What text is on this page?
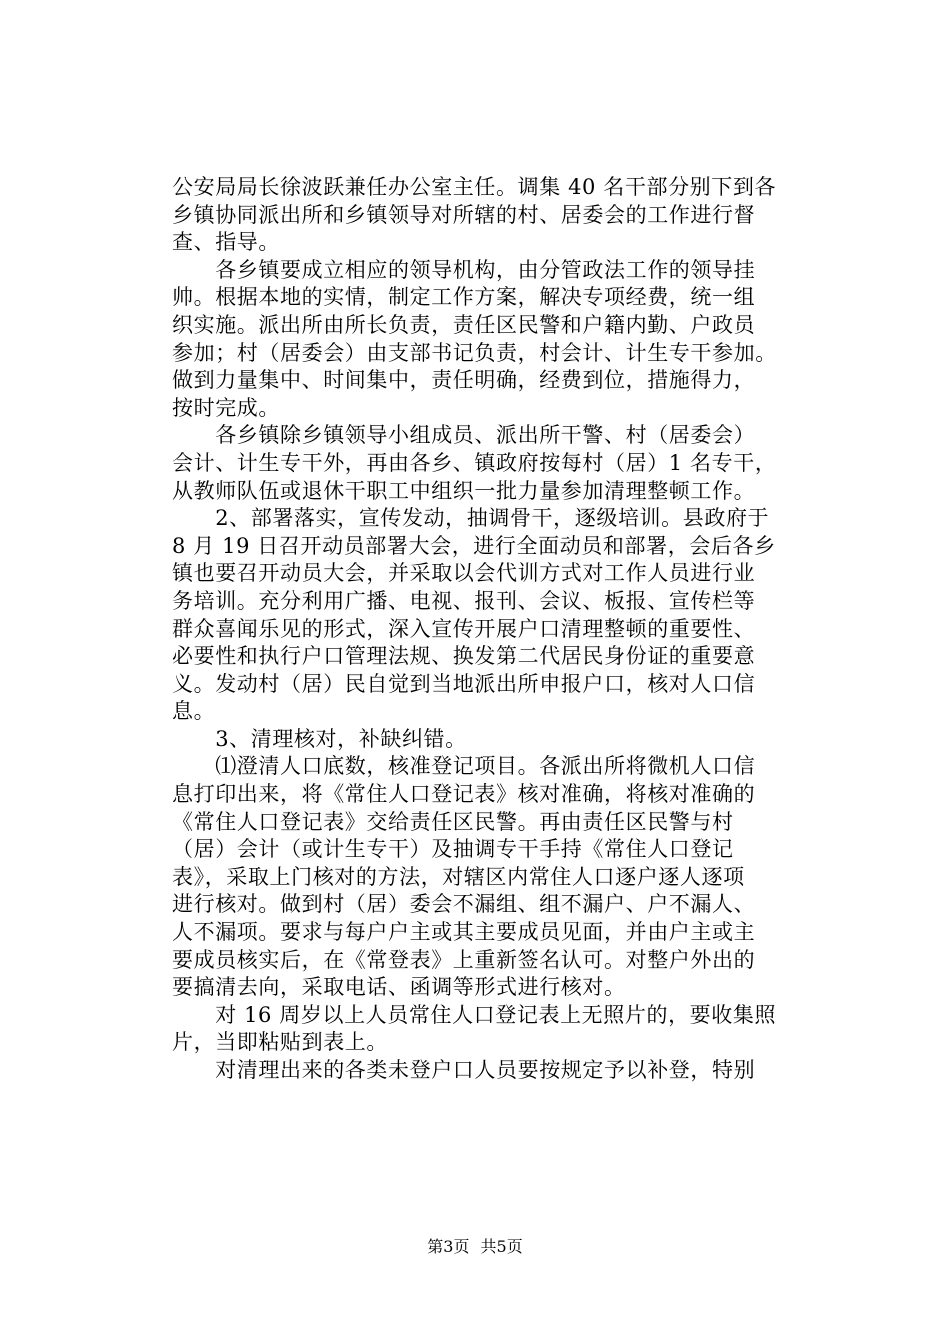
公安局局长徐波跃兼任办公室主任。调集 40 名干部分别下到各
乡镇协同派出所和乡镇领导对所辖的村、居委会的工作进行督
查、指导。
　　各乡镇要成立相应的领导机构，由分管政法工作的领导挂
帅。根据本地的实情，制定工作方案，解决专项经费，统一组
织实施。派出所由所长负责，责任区民警和户籍内勤、户政员
参加；村（居委会）由支部书记负责，村会计、计生专干参加。
做到力量集中、时间集中，责任明确，经费到位，措施得力，
按时完成。
　　各乡镇除乡镇领导小组成员、派出所干警、村（居委会）
会计、计生专干外，再由各乡、镇政府按每村（居）1 名专干，
从教师队伍或退休干职工中组织一批力量参加清理整顿工作。
　　2、部署落实，宣传发动，抽调骨干，逐级培训。县政府于
8 月 19 日召开动员部署大会，进行全面动员和部署，会后各乡
镇也要召开动员大会，并采取以会代训方式对工作人员进行业
务培训。充分利用广播、电视、报刊、会议、板报、宣传栏等
群众喜闻乐见的形式，深入宣传开展户口清理整顿的重要性、
必要性和执行户口管理法规、换发第二代居民身份证的重要意
义。发动村（居）民自觉到当地派出所申报户口，核对人口信
息。
　　3、清理核对，补缺纠错。
　　⑴澄清人口底数，核准登记项目。各派出所将微机人口信
息打印出来，将《常住人口登记表》核对准确，将核对准确的
《常住人口登记表》交给责任区民警。再由责任区民警与村
（居）会计（或计生专干）及抽调专干手持《常住人口登记
表》，采取上门核对的方法，对辖区内常住人口逐户逐人逐项
进行核对。做到村（居）委会不漏组、组不漏户、户不漏人、
人不漏项。要求与每户户主或其主要成员见面，并由户主或主
要成员核实后，在《常登表》上重新签名认可。对整户外出的
要搞清去向，采取电话、函调等形式进行核对。
　　对 16 周岁以上人员常住人口登记表上无照片的，要收集照
片，当即粘贴到表上。
　　对清理出来的各类未登户口人员要按规定予以补登，特别
第3页 共5页
